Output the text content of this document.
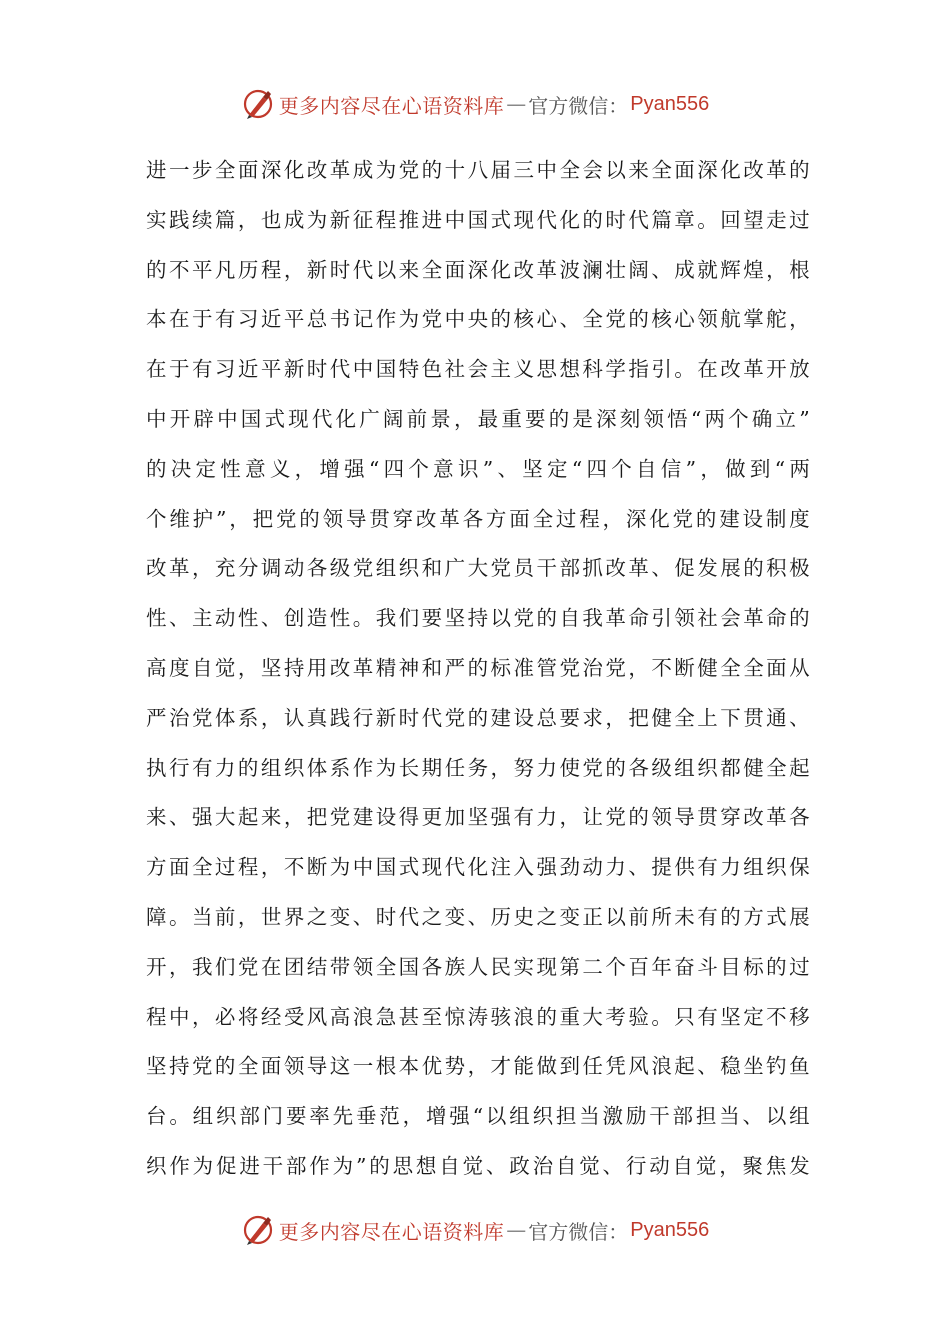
更多内容尽在心语资料库 — 官方微信： Pyan556
进 一 步 全 面 深 化 改 革 成 为 党 的 十 八 届 三 中 全 会 以 来 全 面 深 化 改 革 的
实 践 续 篇 ， 也 成 为 新 征 程 推 进 中 国 式 现 代 化 的 时 代 篇 章 。 回 望 走 过
的 不 平 凡 历 程 ， 新 时 代 以 来 全 面 深 化 改 革 波 澜 壮 阔 、 成 就 辉 煌 ， 根
本 在 于 有 习 近 平 总 书 记 作 为 党 中 央 的 核 心 、 全 党 的 核 心 领 航 掌 舵 ，
在 于 有 习 近 平 新 时 代 中 国 特 色 社 会 主 义 思 想 科 学 指 引 。 在 改 革 开 放
中 开 辟 中 国 式 现 代 化 广 阔 前 景 ， 最 重 要 的 是 深 刻 领 悟 “ 两 个 确 立 ”
的 决 定 性 意 义 ， 增 强 “ 四 个 意 识 ” 、 坚 定 “ 四 个 自 信 ” ， 做 到 “ 两
个 维 护 ” ， 把 党 的 领 导 贯 穿 改 革 各 方 面 全 过 程 ， 深 化 党 的 建 设 制 度
改 革 ， 充 分 调 动 各 级 党 组 织 和 广 大 党 员 干 部 抓 改 革 、 促 发 展 的 积 极
性 、 主 动 性 、 创 造 性 。 我 们 要 坚 持 以 党 的 自 我 革 命 引 领 社 会 革 命 的
高 度 自 觉 ， 坚 持 用 改 革 精 神 和 严 的 标 准 管 党 治 党 ， 不 断 健 全 全 面 从
严 治 党 体 系 ， 认 真 践 行 新 时 代 党 的 建 设 总 要 求 ， 把 健 全 上 下 贯 通 、
执 行 有 力 的 组 织 体 系 作 为 长 期 任 务 ， 努 力 使 党 的 各 级 组 织 都 健 全 起
来 、 强 大 起 来 ， 把 党 建 设 得 更 加 坚 强 有 力 ， 让 党 的 领 导 贯 穿 改 革 各
方 面 全 过 程 ， 不 断 为 中 国 式 现 代 化 注 入 强 劲 动 力 、 提 供 有 力 组 织 保
障 。 当 前 ， 世 界 之 变 、 时 代 之 变 、 历 史 之 变 正 以 前 所 未 有 的 方 式 展
开 ， 我 们 党 在 团 结 带 领 全 国 各 族 人 民 实 现 第 二 个 百 年 奋 斗 目 标 的 过
程 中 ， 必 将 经 受 风 高 浪 急 甚 至 惊 涛 骇 浪 的 重 大 考 验 。 只 有 坚 定 不 移
坚 持 党 的 全 面 领 导 这 一 根 本 优 势 ， 才 能 做 到 任 凭 风 浪 起 、 稳 坐 钓 鱼
台 。 组 织 部 门 要 率 先 垂 范 ， 增 强 “ 以 组 织 担 当 激 励 干 部 担 当 、 以 组
织 作 为 促 进 干 部 作 为 ” 的 思 想 自 觉 、 政 治 自 觉 、 行 动 自 觉 ， 聚 焦 发
更多内容尽在心语资料库 — 官方微信： Pyan556
